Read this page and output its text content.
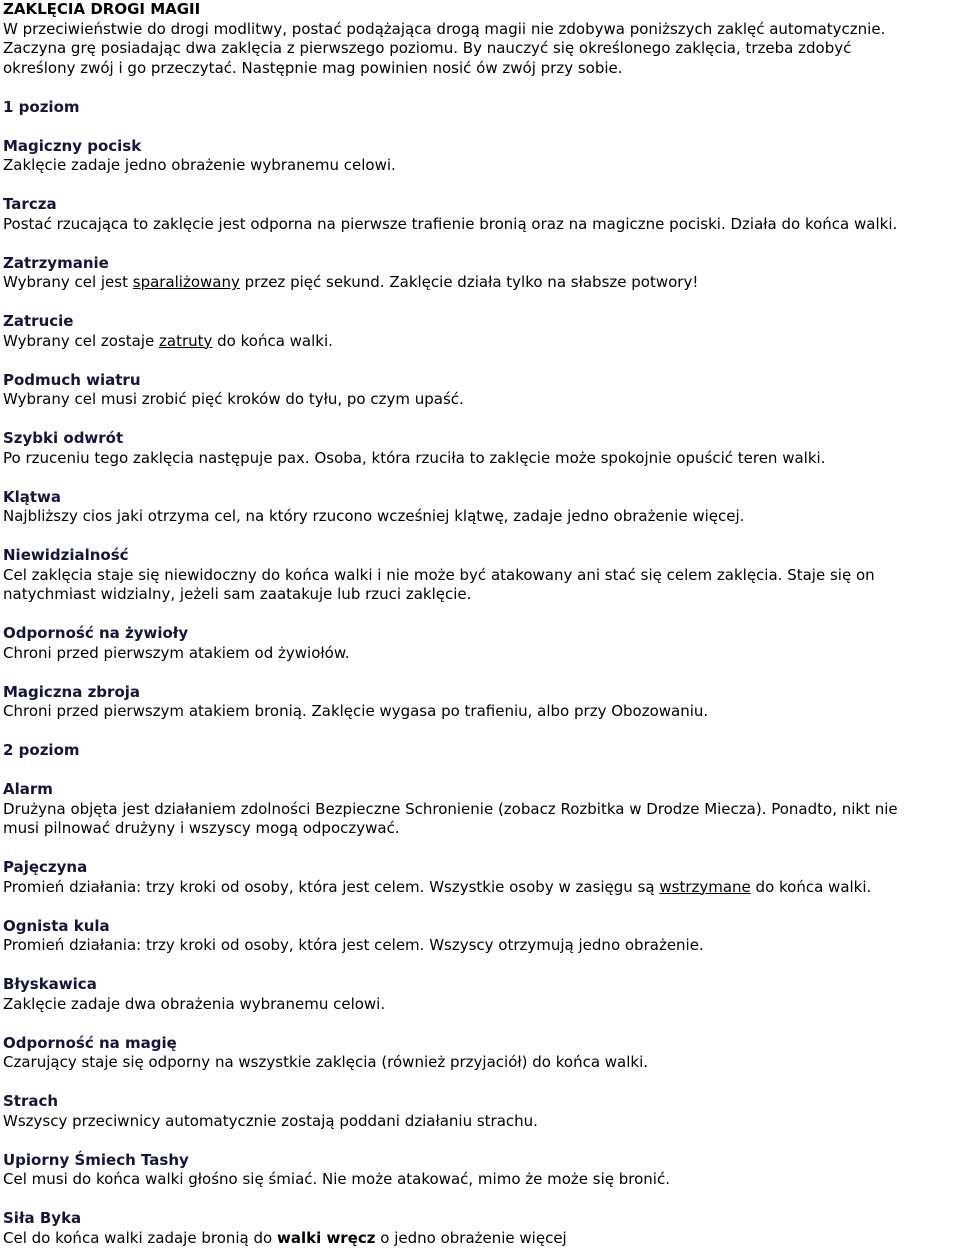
ZAKLĘCIA DROGI MAGII
W przeciwieństwie do drogi modlitwy, postać podążająca drogą magii nie zdobywa poniższych zaklęć automatycznie.
Zaczyna grę posiadając dwa zaklęcia z pierwszego poziomu. By nauczyć się określonego zaklęcia, trzeba zdobyć
określony zwój i go przeczytać. Następnie mag powinien nosić ów zwój przy sobie.
1 poziom
Magiczny pocisk
Zaklęcie zadaje jedno obrażenie wybranemu celowi.
Tarcza
Postać rzucająca to zaklęcie jest odporna na pierwsze trafienie bronią oraz na magiczne pociski. Działa do końca walki.
Zatrzymanie
Wybrany cel jest sparaliżowany przez pięć sekund. Zaklęcie działa tylko na słabsze potwory!
Zatrucie
Wybrany cel zostaje zatruty do końca walki.
Podmuch wiatru
Wybrany cel musi zrobić pięć kroków do tyłu, po czym upaść.
Szybki odwrót
Po rzuceniu tego zaklęcia następuje pax. Osoba, która rzuciła to zaklęcie może spokojnie opuścić teren walki.
Klątwa
Najbliższy cios jaki otrzyma cel, na który rzucono wcześniej klątwę, zadaje jedno obrażenie więcej.
Niewidzialność
Cel zaklęcia staje się niewidoczny do końca walki i nie może być atakowany ani stać się celem zaklęcia. Staje się on
natychmiast widzialny, jeżeli sam zaatakuje lub rzuci zaklęcie.
Odporność na żywioły
Chroni przed pierwszym atakiem od żywiołów.
Magiczna zbroja
Chroni przed pierwszym atakiem bronią. Zaklęcie wygasa po trafieniu, albo przy Obozowaniu.
2 poziom
Alarm
Drużyna objęta jest działaniem zdolności Bezpieczne Schronienie (zobacz Rozbitka w Drodze Miecza). Ponadto, nikt nie
musi pilnować drużyny i wszyscy mogą odpoczywać.
Pajęczyna
Promień działania: trzy kroki od osoby, która jest celem. Wszystkie osoby w zasięgu są wstrzymane do końca walki.
Ognista kula
Promień działania: trzy kroki od osoby, która jest celem. Wszyscy otrzymują jedno obrażenie.
Błyskawica
Zaklęcie zadaje dwa obrażenia wybranemu celowi.
Odporność na magię
Czarujący staje się odporny na wszystkie zaklęcia (również przyjaciół) do końca walki.
Strach
Wszyscy przeciwnicy automatycznie zostają poddani działaniu strachu.
Upiorny Śmiech Tashy
Cel musi do końca walki głośno się śmiać. Nie może atakować, mimo że może się bronić.
Siła Byka
Cel do końca walki zadaje bronią do walki wręcz o jedno obrażenie więcej
